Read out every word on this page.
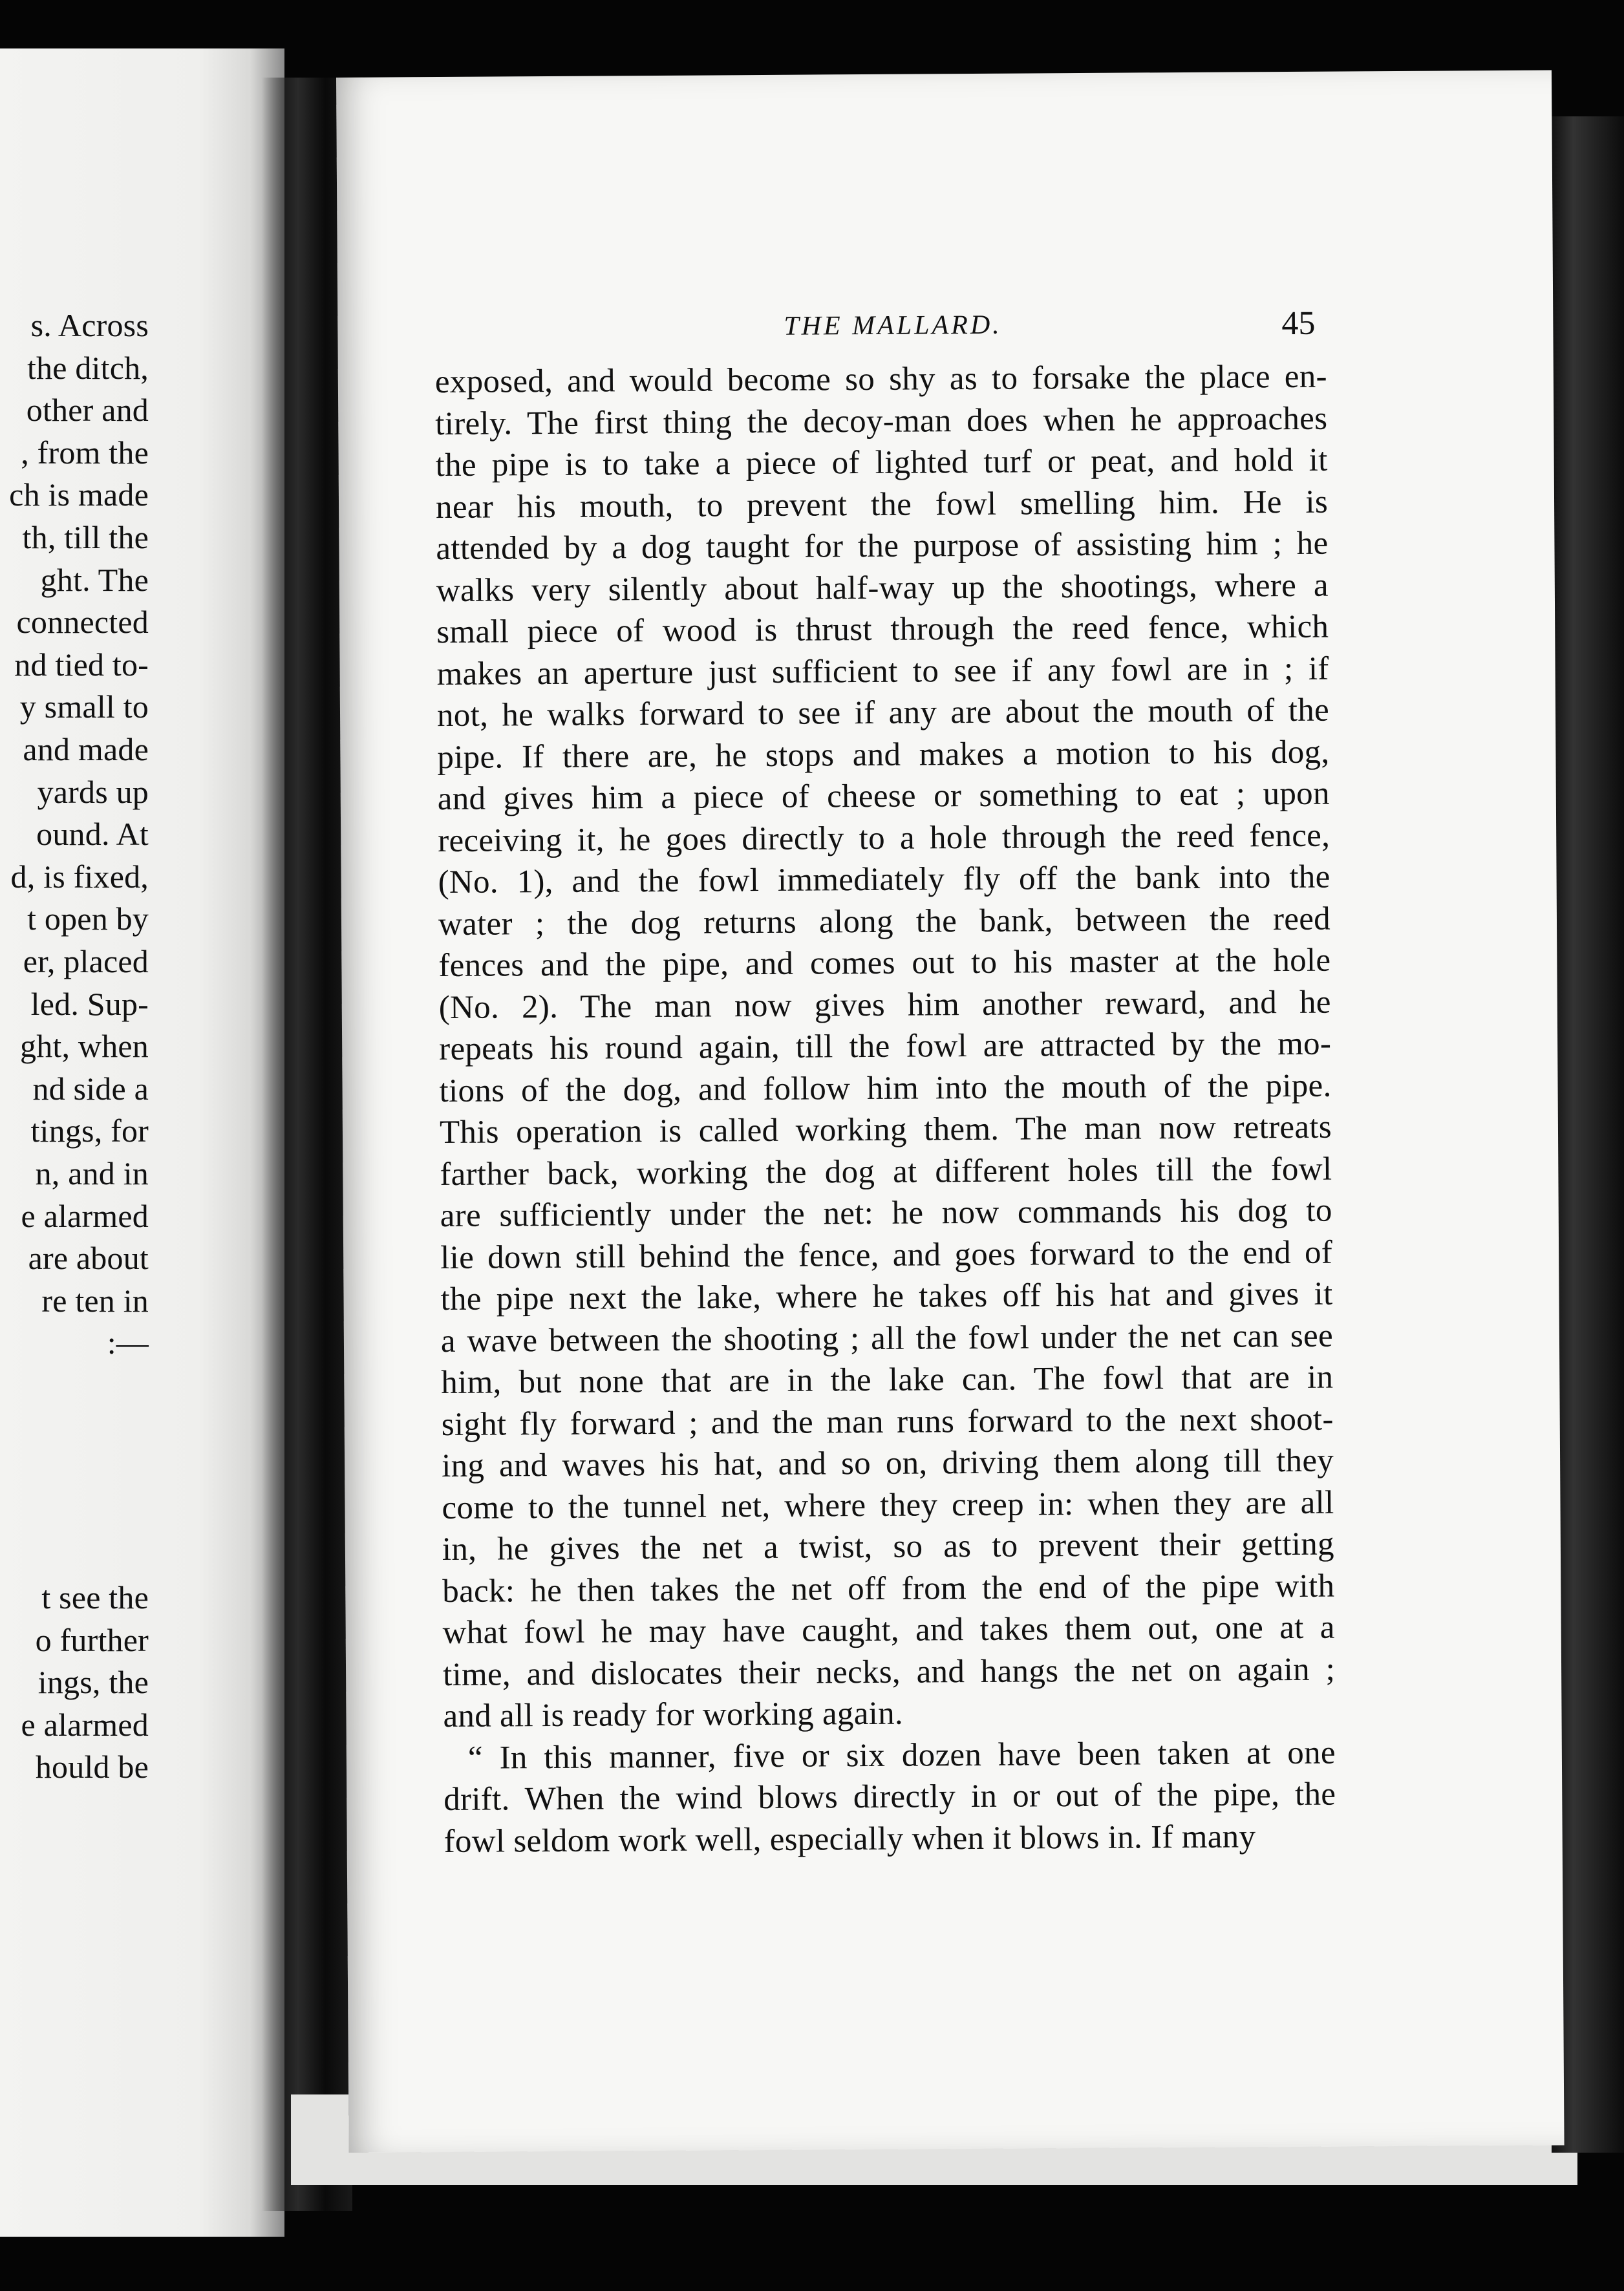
s. Across
the ditch,
other and
, from the
ch is made
th, till the
ght. The
connected
nd tied to-
y small to
and made
yards up
ound. At
d, is fixed,
t open by
er, placed
led. Sup-
ght, when
nd side a
tings, for
n, and in
e alarmed
are about
re ten in
:—
t see the
o further
ings, the
e alarmed
hould be
THE MALLARD.	45

exposed, and would become so shy as to forsake the place en-
tirely. The first thing the decoy-man does when he approaches
the pipe is to take a piece of lighted turf or peat, and hold it
near his mouth, to prevent the fowl smelling him. He is
attended by a dog taught for the purpose of assisting him ; he
walks very silently about half-way up the shootings, where a
small piece of wood is thrust through the reed fence, which
makes an aperture just sufficient to see if any fowl are in ; if
not, he walks forward to see if any are about the mouth of the
pipe. If there are, he stops and makes a motion to his dog,
and gives him a piece of cheese or something to eat ; upon
receiving it, he goes directly to a hole through the reed fence,
(No. 1), and the fowl immediately fly off the bank into the
water ; the dog returns along the bank, between the reed
fences and the pipe, and comes out to his master at the hole
(No. 2). The man now gives him another reward, and he
repeats his round again, till the fowl are attracted by the mo-
tions of the dog, and follow him into the mouth of the pipe.
This operation is called working them. The man now retreats
farther back, working the dog at different holes till the fowl
are sufficiently under the net: he now commands his dog to
lie down still behind the fence, and goes forward to the end of
the pipe next the lake, where he takes off his hat and gives it
a wave between the shooting ; all the fowl under the net can see
him, but none that are in the lake can. The fowl that are in
sight fly forward ; and the man runs forward to the next shoot-
ing and waves his hat, and so on, driving them along till they
come to the tunnel net, where they creep in: when they are all
in, he gives the net a twist, so as to prevent their getting
back: he then takes the net off from the end of the pipe with
what fowl he may have caught, and takes them out, one at a
time, and dislocates their necks, and hangs the net on again ;
and all is ready for working again.

“ In this manner, five or six dozen have been taken at one
drift. When the wind blows directly in or out of the pipe, the
fowl seldom work well, especially when it blows in. If many
